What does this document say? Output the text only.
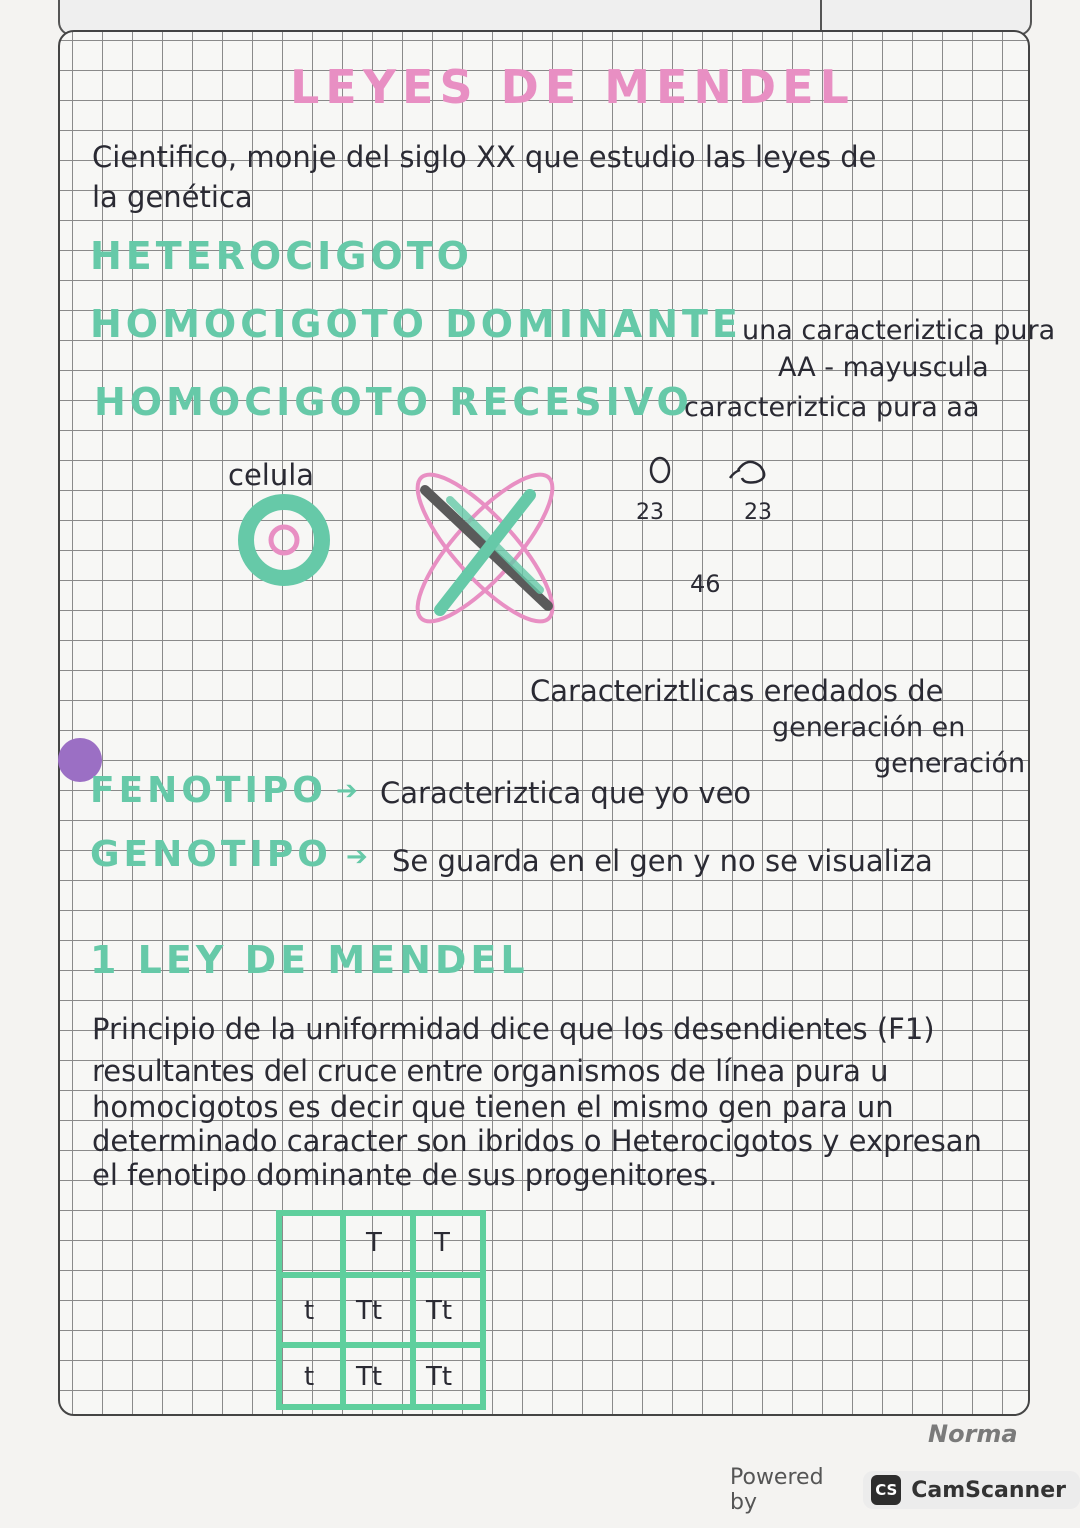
LEYES DE MENDEL
Cientifico, monje del siglo XX que estudio las leyes de
la genética
HETEROCIGOTO
HOMOCIGOTO DOMINANTE una caracteriztica pura
AA - mayuscula
HOMOCIGOTO RECESIVO
caracteriztica pura aa
celula
23	23
46
Caracteriztlicas eredados de
generación en
generación
FENOTIPO ➔ Caracteriztica que yo veo
GENOTIPO ➔ Se guarda en el gen y no se visualiza
1 LEY DE MENDEL
Principio de la uniformidad dice que los desendientes (F1)
resultantes del cruce entre organismos de línea pura u
homocigotos es decir que tienen el mismo gen para un
determinado caracter son ibridos o Heterocigotos y expresan
el fenotipo dominante de sus progenitores.
T T
t Tt Tt
t Tt Tt
Norma
Powered by	CS CamScanner
